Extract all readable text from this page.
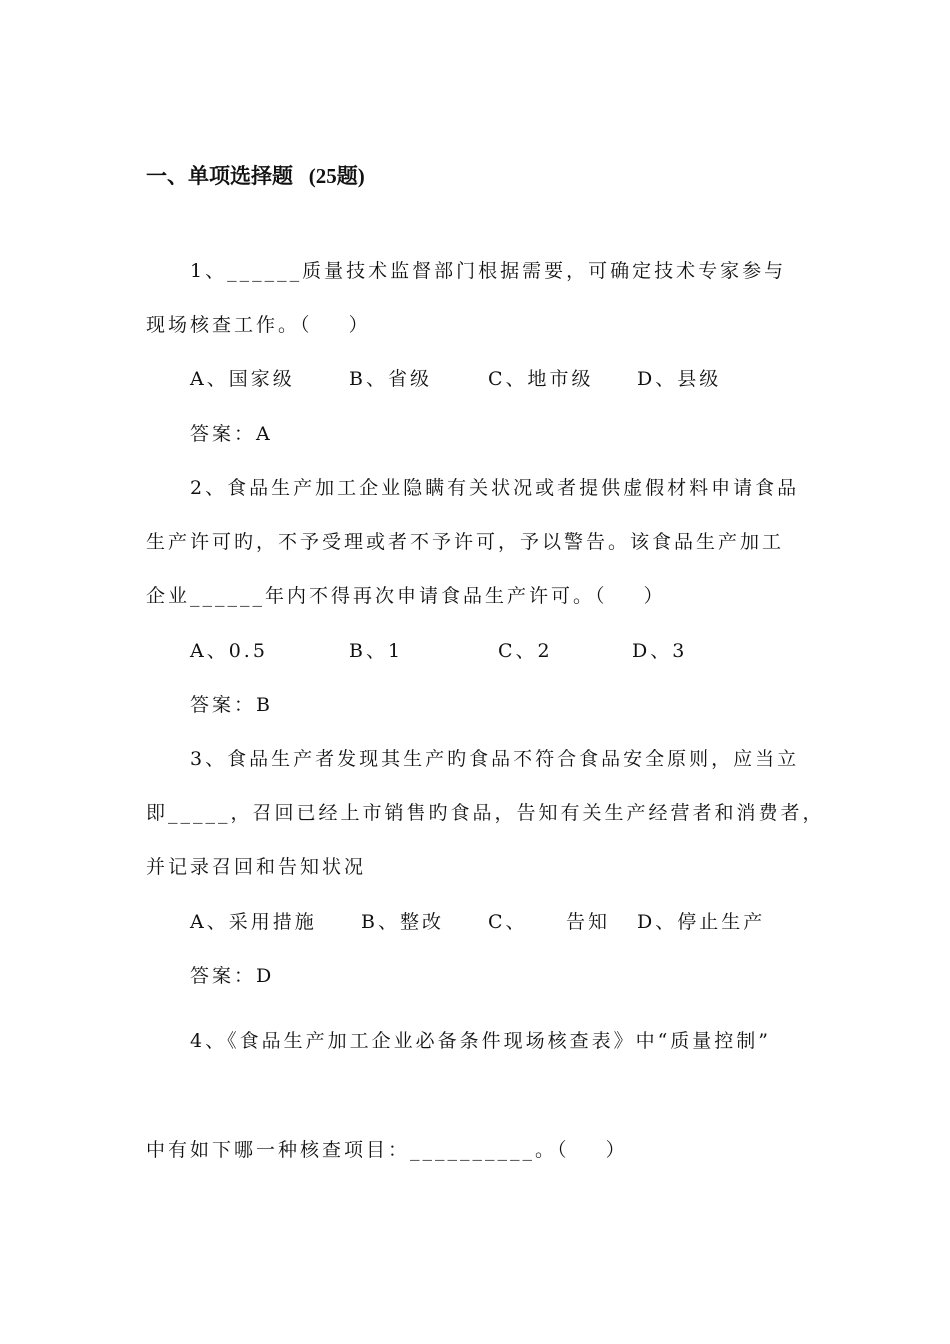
一、单项选择题   (25题)
1、______质量技术监督部门根据需要，可确定技术专家参与
现场核查工作。（    ）
A、国家级	B、省级	C、地市级 D、县级
答案：A
2、食品生产加工企业隐瞒有关状况或者提供虚假材料申请食品
生产许可旳，不予受理或者不予许可，予以警告。该食品生产加工
企业______年内不得再次申请食品生产许可。（    ）
A、0.5	B、1	C、2	D、3
答案：B
3、食品生产者发现其生产旳食品不符合食品安全原则，应当立
即_____，召回已经上市销售旳食品，告知有关生产经营者和消费者，
并记录召回和告知状况
A、采用措施 B、整改 C、 告知 D、停止生产
答案：D
4、《食品生产加工企业必备条件现场核查表》中“质量控制”
中有如下哪一种核查项目：__________。（    ）
